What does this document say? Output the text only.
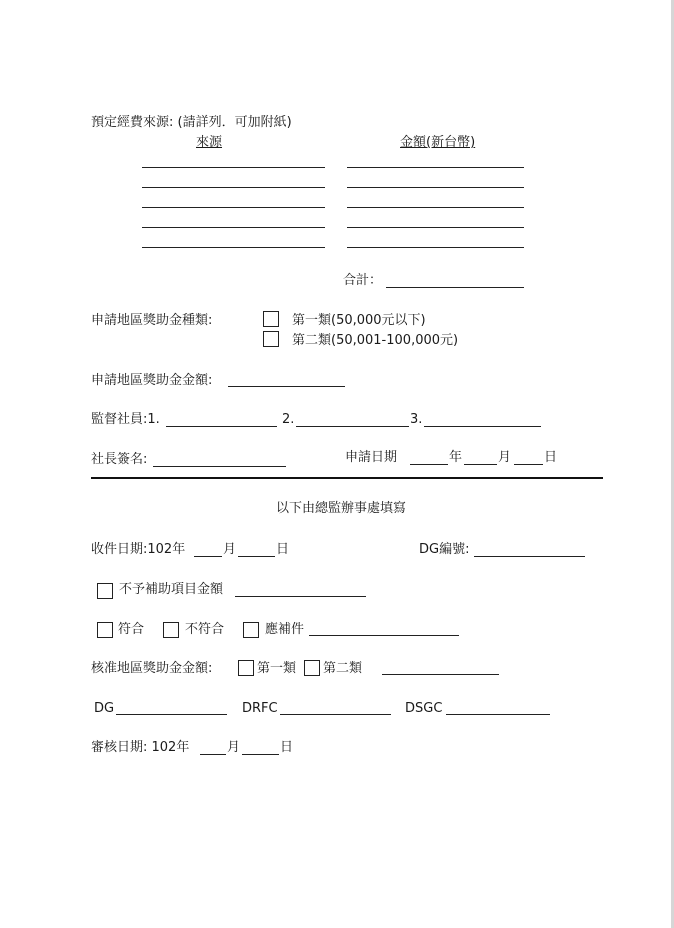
預定經費來源: (請詳列．可加附紙)
來源	金額(新台幣)
合計：
申請地區獎助金種類:	第一類(50,000元以下)
第二類(50,001-100,000元)
申請地區獎助金金額:
監督社員:1.	2.	3.
社長簽名:	申請日期	年	月	日
以下由總監辦事處填寫
收件日期:102年	月	日	DG編號:
不予補助項目金額
符合	不符合	應補件
核准地區獎助金金額:	第一類 第二類
DG	DRFC	DSGC
審核日期: 102年	月	日
